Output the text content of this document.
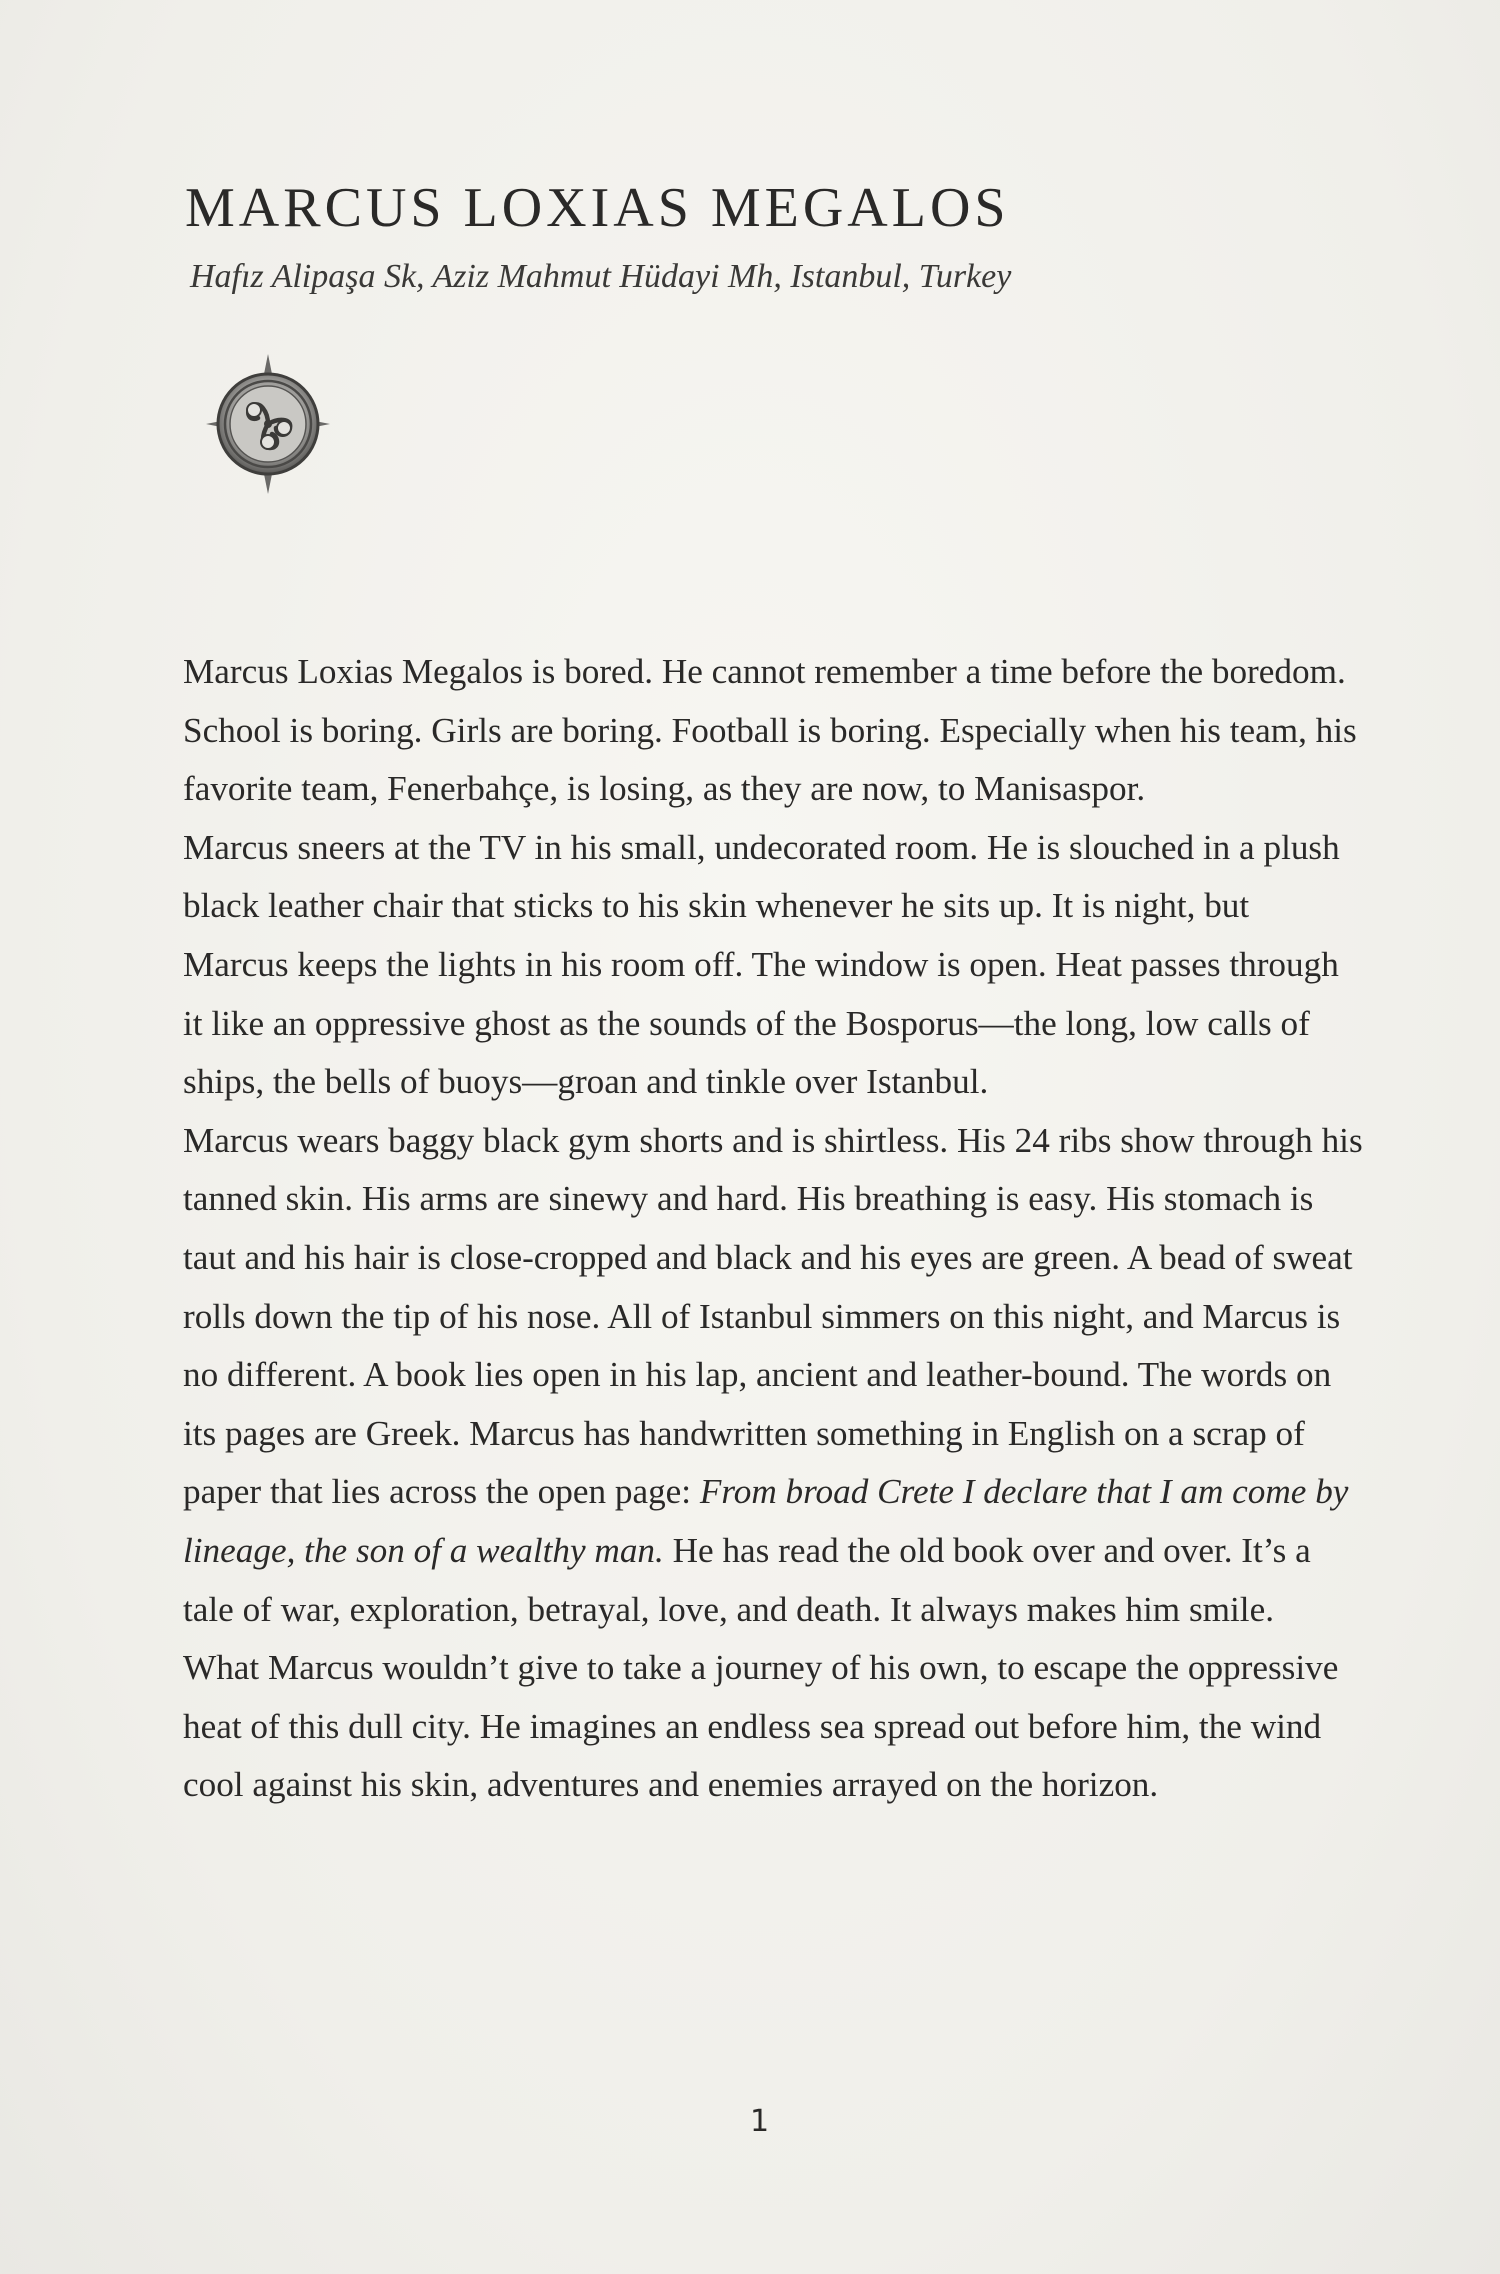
MARCUS LOXIAS MEGALOS

Hafız Alipaşa Sk, Aziz Mahmut Hüdayi Mh, Istanbul, Turkey

Marcus Loxias Megalos is bored. He cannot remember a time before the boredom. School is boring. Girls are boring. Football is boring. Especially when his team, his favorite team, Fenerbahçe, is losing, as they are now, to Manisaspor.

Marcus sneers at the TV in his small, undecorated room. He is slouched in a plush black leather chair that sticks to his skin whenever he sits up. It is night, but Marcus keeps the lights in his room off. The window is open. Heat passes through it like an oppressive ghost as the sounds of the Bosporus—the long, low calls of ships, the bells of buoys—groan and tinkle over Istanbul.

Marcus wears baggy black gym shorts and is shirtless. His 24 ribs show through his tanned skin. His arms are sinewy and hard. His breathing is easy. His stomach is taut and his hair is close-cropped and black and his eyes are green. A bead of sweat rolls down the tip of his nose. All of Istanbul simmers on this night, and Marcus is no different. A book lies open in his lap, ancient and leather-bound. The words on its pages are Greek. Marcus has handwritten something in English on a scrap of paper that lies across the open page: From broad Crete I declare that I am come by lineage, the son of a wealthy man. He has read the old book over and over. It’s a tale of war, exploration, betrayal, love, and death. It always makes him smile.

What Marcus wouldn’t give to take a journey of his own, to escape the oppressive heat of this dull city. He imagines an endless sea spread out before him, the wind cool against his skin, adventures and enemies arrayed on the horizon.

1
